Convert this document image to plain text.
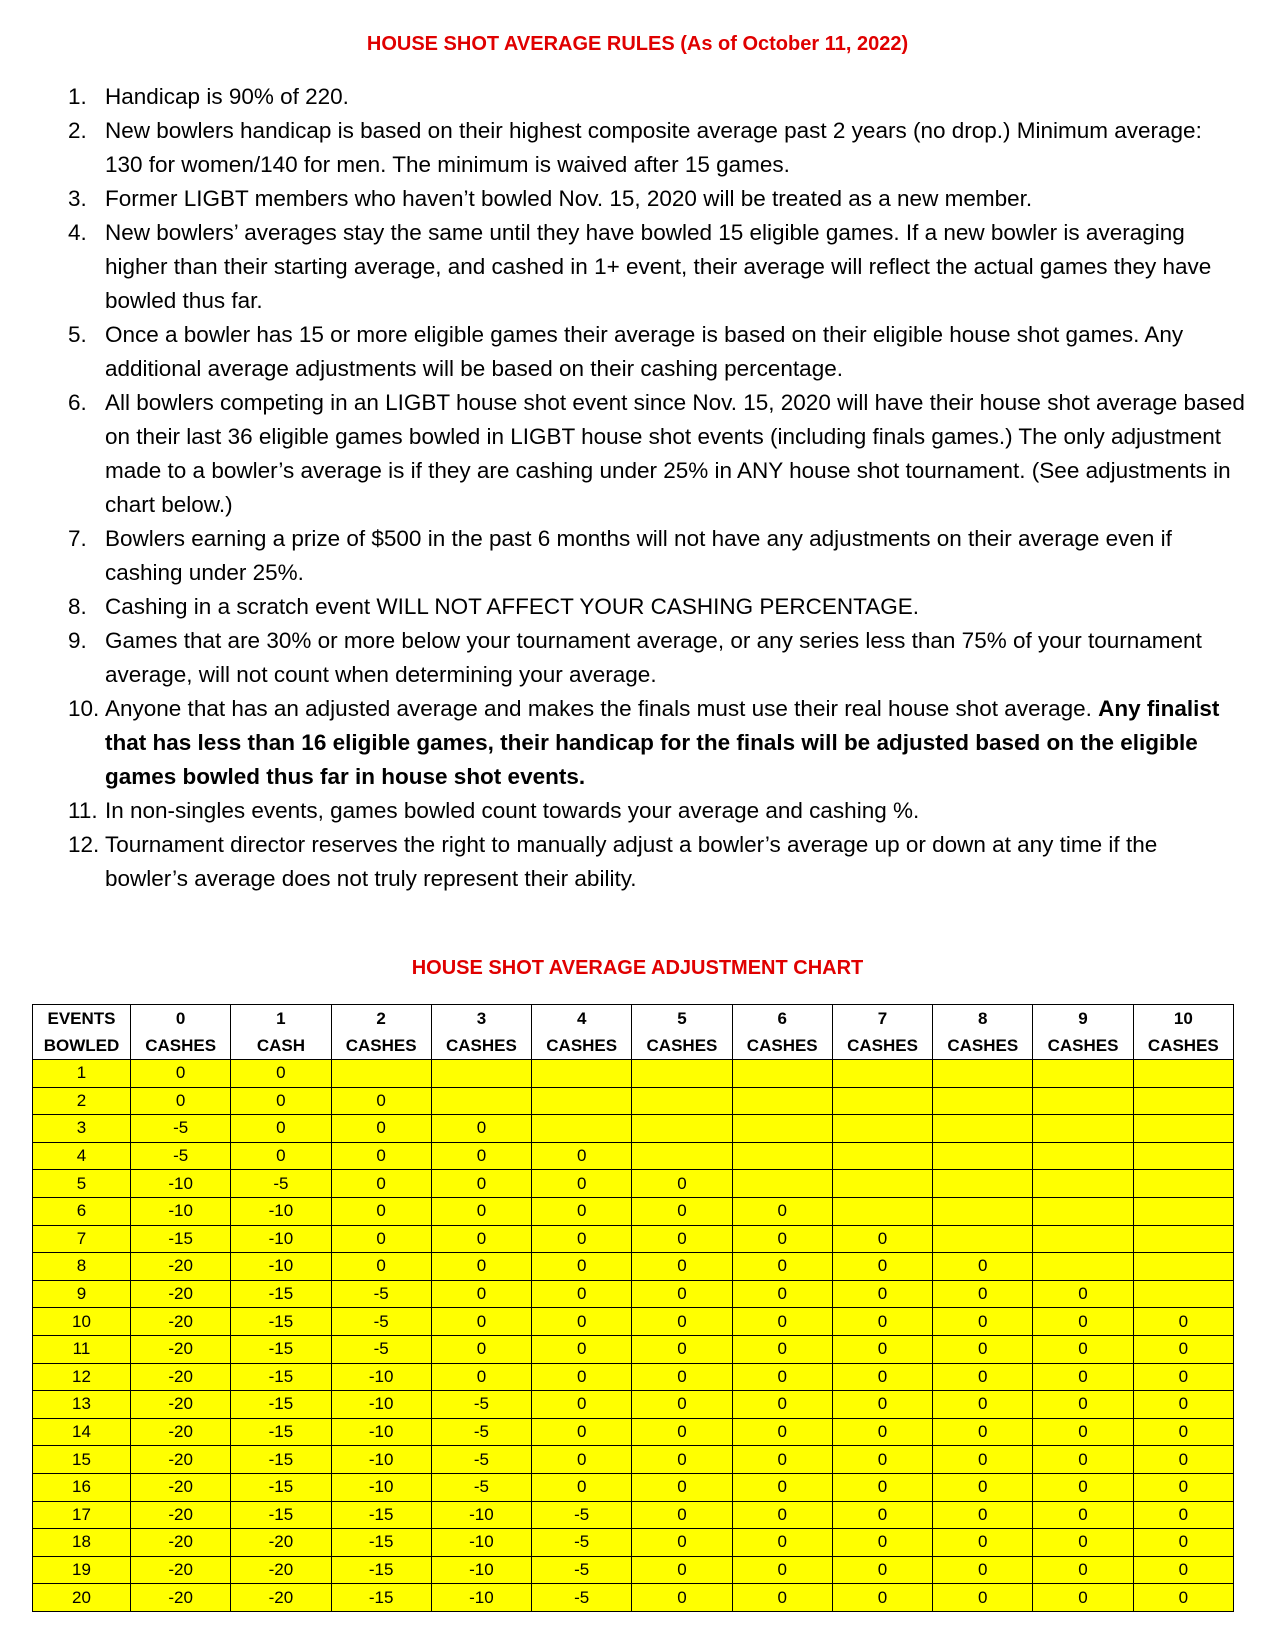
HOUSE SHOT AVERAGE RULES (As of October 11, 2022)
1. Handicap is 90% of 220.
2. New bowlers handicap is based on their highest composite average past 2 years (no drop.) Minimum average: 130 for women/140 for men. The minimum is waived after 15 games.
3. Former LIGBT members who haven’t bowled Nov. 15, 2020 will be treated as a new member.
4. New bowlers’ averages stay the same until they have bowled 15 eligible games. If a new bowler is averaging higher than their starting average, and cashed in 1+ event, their average will reflect the actual games they have bowled thus far.
5. Once a bowler has 15 or more eligible games their average is based on their eligible house shot games. Any additional average adjustments will be based on their cashing percentage.
6. All bowlers competing in an LIGBT house shot event since Nov. 15, 2020 will have their house shot average based on their last 36 eligible games bowled in LIGBT house shot events (including finals games.) The only adjustment made to a bowler’s average is if they are cashing under 25% in ANY house shot tournament. (See adjustments in chart below.)
7. Bowlers earning a prize of $500 in the past 6 months will not have any adjustments on their average even if cashing under 25%.
8. Cashing in a scratch event WILL NOT AFFECT YOUR CASHING PERCENTAGE.
9. Games that are 30% or more below your tournament average, or any series less than 75% of your tournament average, will not count when determining your average.
10. Anyone that has an adjusted average and makes the finals must use their real house shot average. Any finalist that has less than 16 eligible games, their handicap for the finals will be adjusted based on the eligible games bowled thus far in house shot events.
11. In non-singles events, games bowled count towards your average and cashing %.
12. Tournament director reserves the right to manually adjust a bowler’s average up or down at any time if the bowler’s average does not truly represent their ability.
HOUSE SHOT AVERAGE ADJUSTMENT CHART
EVENTS	0	1	2	3	4	5	6	7	8	9	10
BOWLED	CASHES	CASH	CASHES	CASHES	CASHES	CASHES	CASHES	CASHES	CASHES	CASHES	CASHES
1	0	0									
2	0	0	0								
3	-5	0	0	0							
4	-5	0	0	0	0						
5	-10	-5	0	0	0	0					
6	-10	-10	0	0	0	0	0				
7	-15	-10	0	0	0	0	0	0			
8	-20	-10	0	0	0	0	0	0	0		
9	-20	-15	-5	0	0	0	0	0	0	0	
10	-20	-15	-5	0	0	0	0	0	0	0	0
11	-20	-15	-5	0	0	0	0	0	0	0	0
12	-20	-15	-10	0	0	0	0	0	0	0	0
13	-20	-15	-10	-5	0	0	0	0	0	0	0
14	-20	-15	-10	-5	0	0	0	0	0	0	0
15	-20	-15	-10	-5	0	0	0	0	0	0	0
16	-20	-15	-10	-5	0	0	0	0	0	0	0
17	-20	-15	-15	-10	-5	0	0	0	0	0	0
18	-20	-20	-15	-10	-5	0	0	0	0	0	0
19	-20	-20	-15	-10	-5	0	0	0	0	0	0
20	-20	-20	-15	-10	-5	0	0	0	0	0	0
